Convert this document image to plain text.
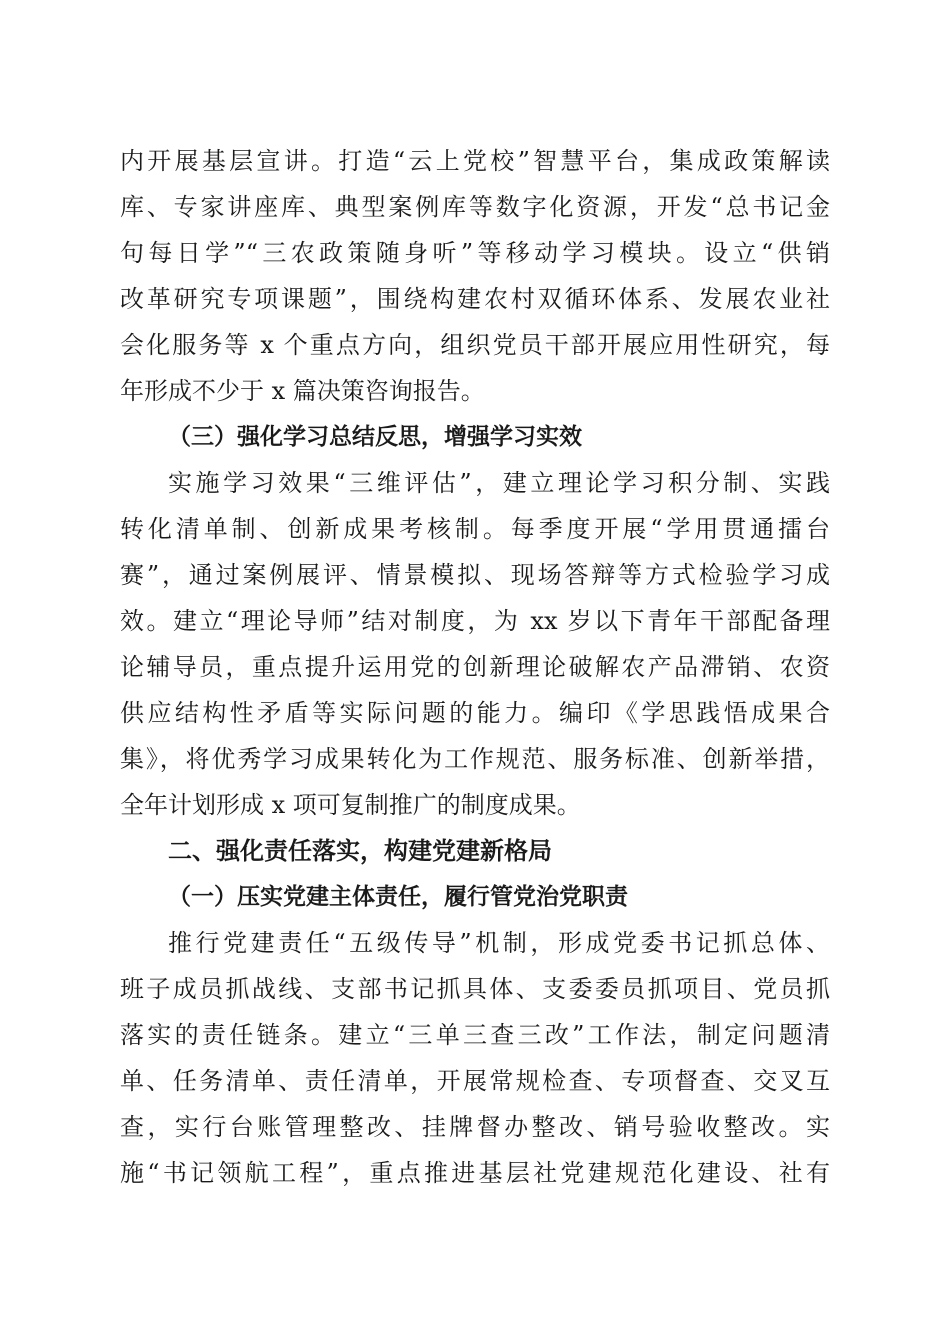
内开展基层宣讲。打造“云上党校”智慧平台，集成政策解读
库、专家讲座库、典型案例库等数字化资源，开发“总书记金
句每日学”“三农政策随身听”等移动学习模块。设立“供销
改革研究专项课题”，围绕构建农村双循环体系、发展农业社
会化服务等 x 个重点方向，组织党员干部开展应用性研究，每
年形成不少于 x 篇决策咨询报告。
（三）强化学习总结反思，增强学习实效
实施学习效果“三维评估”，建立理论学习积分制、实践
转化清单制、创新成果考核制。每季度开展“学用贯通擂台
赛”，通过案例展评、情景模拟、现场答辩等方式检验学习成
效。建立“理论导师”结对制度，为 xx 岁以下青年干部配备理
论辅导员，重点提升运用党的创新理论破解农产品滞销、农资
供应结构性矛盾等实际问题的能力。编印《学思践悟成果合
集》，将优秀学习成果转化为工作规范、服务标准、创新举措，
全年计划形成 x 项可复制推广的制度成果。
二、强化责任落实，构建党建新格局
（一）压实党建主体责任，履行管党治党职责
推行党建责任“五级传导”机制，形成党委书记抓总体、
班子成员抓战线、支部书记抓具体、支委委员抓项目、党员抓
落实的责任链条。建立“三单三查三改”工作法，制定问题清
单、任务清单、责任清单，开展常规检查、专项督查、交叉互
查，实行台账管理整改、挂牌督办整改、销号验收整改。实
施“书记领航工程”，重点推进基层社党建规范化建设、社有
